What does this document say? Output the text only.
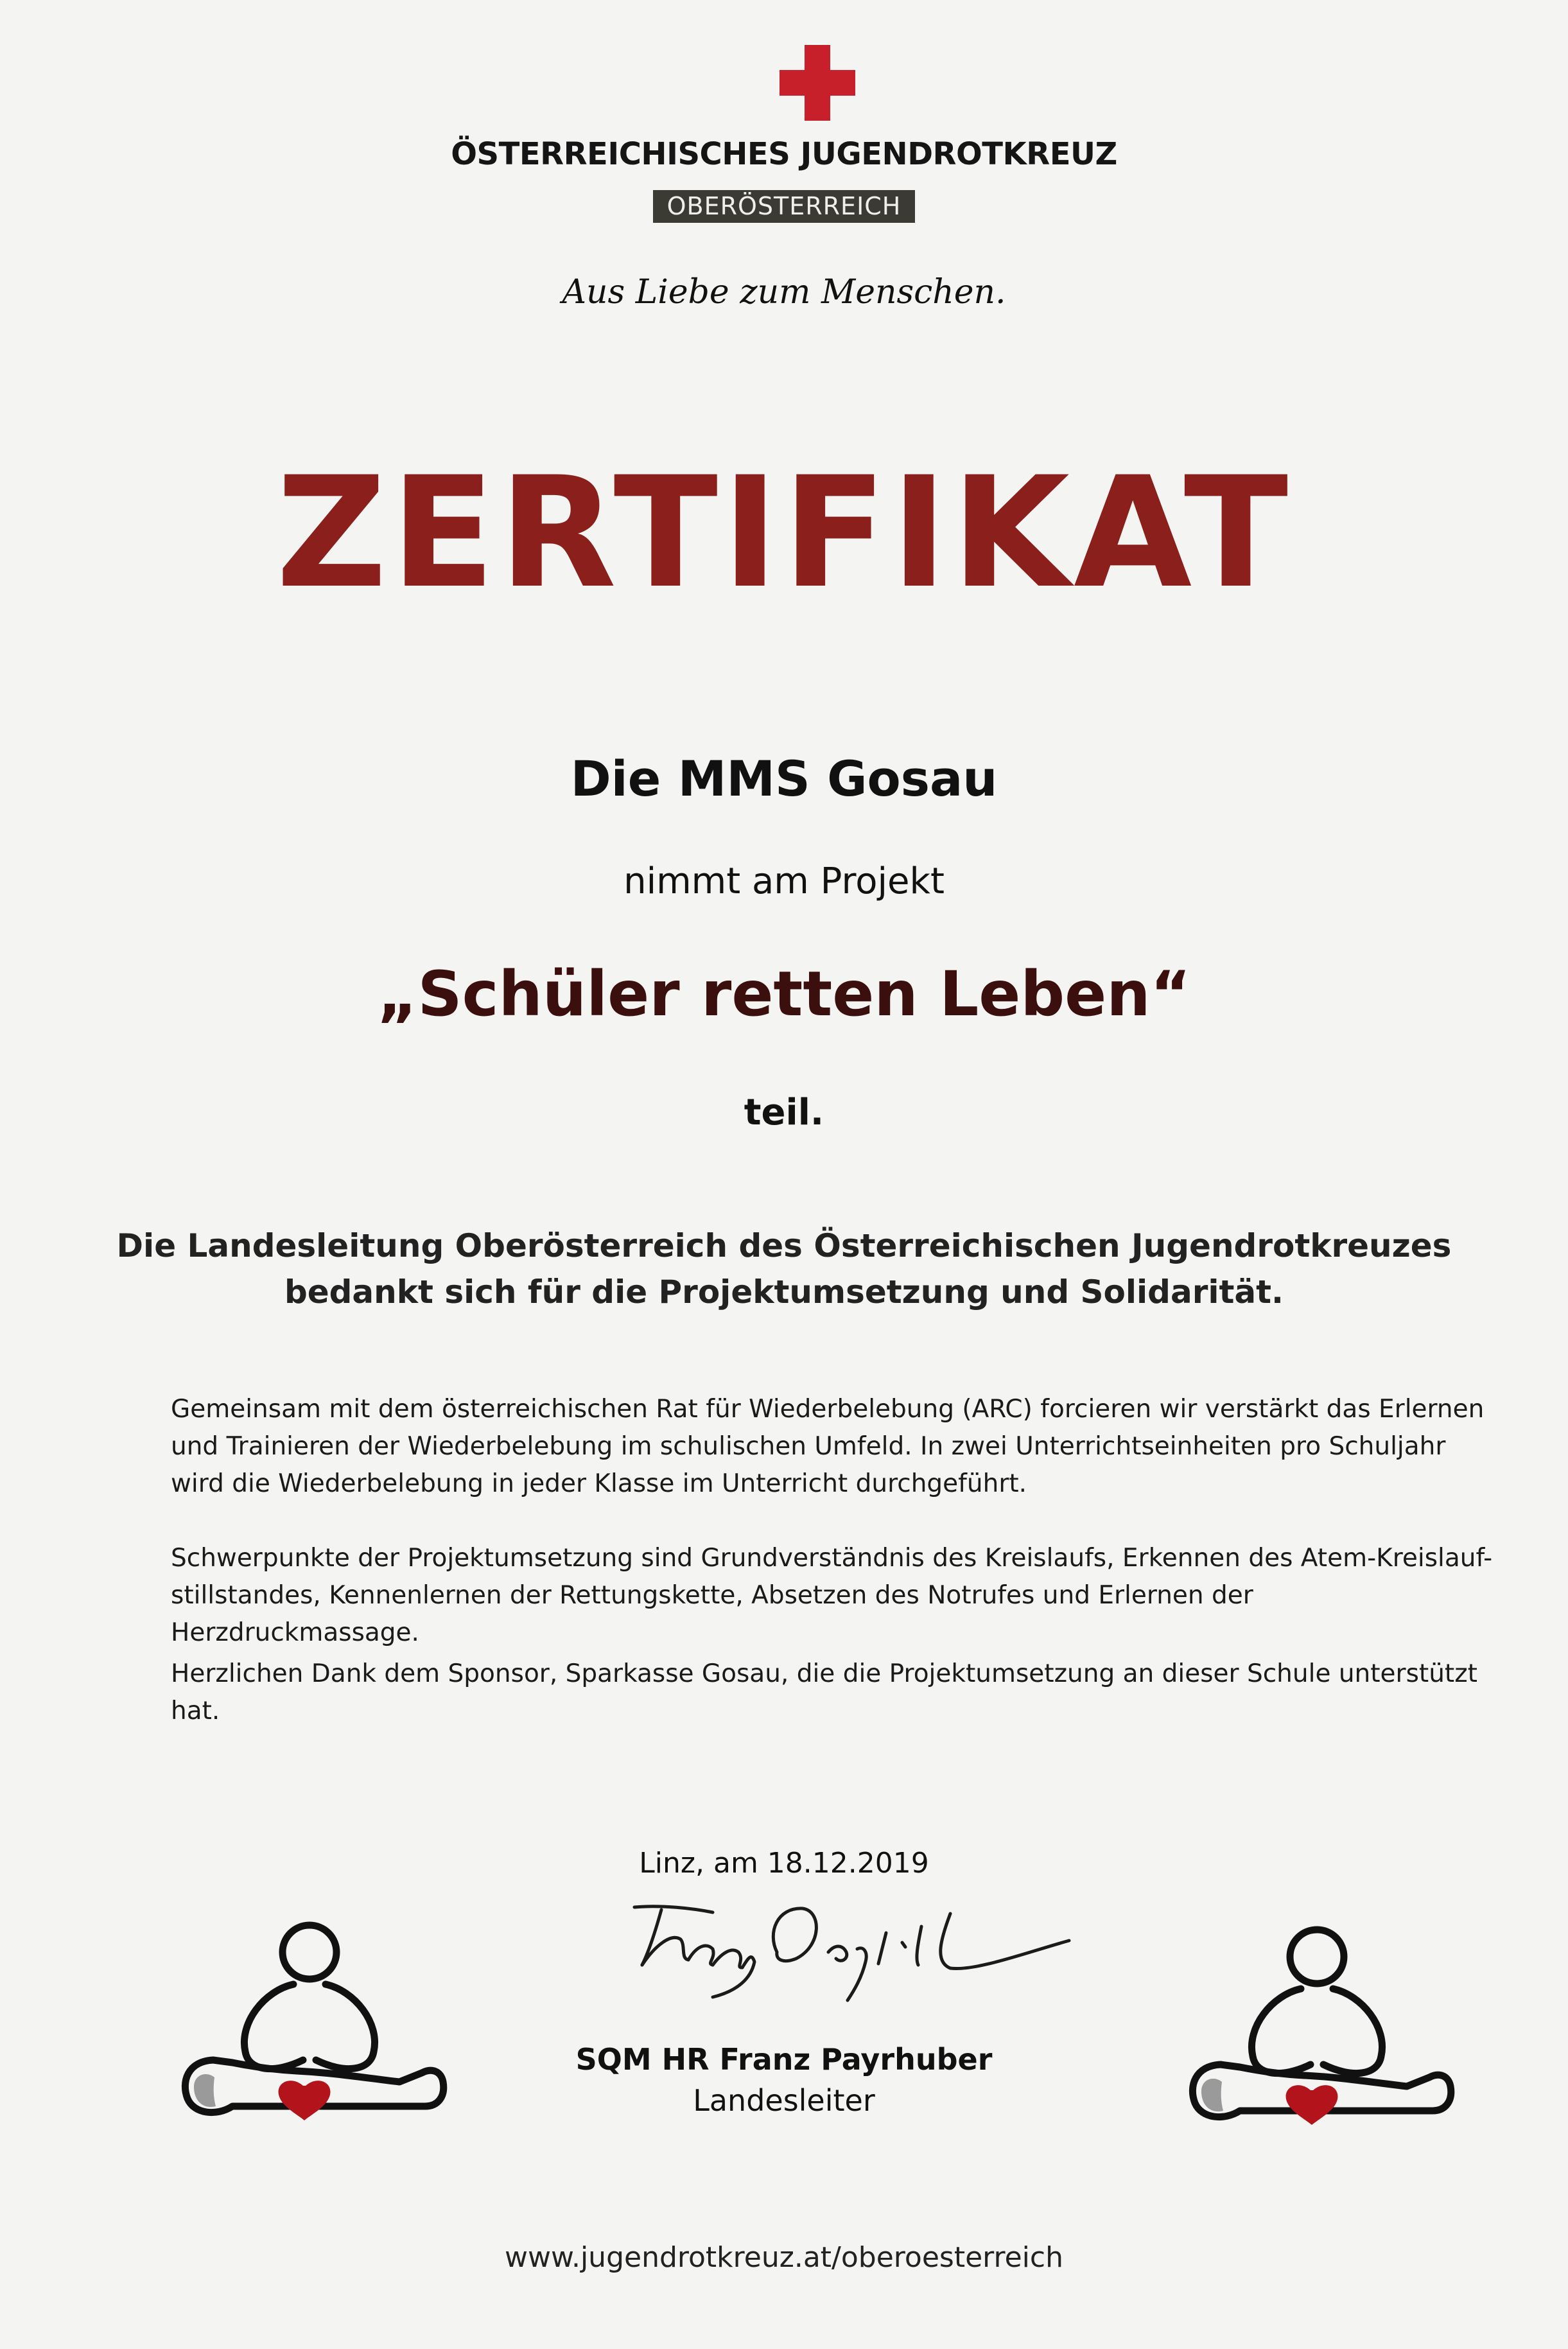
ÖSTERREICHISCHES JUGENDROTKREUZ
OBERÖSTERREICH
Aus Liebe zum Menschen.
ZERTIFIKAT
Die MMS Gosau
nimmt am Projekt
„Schüler retten Leben“
teil.
Die Landesleitung Oberösterreich des Österreichischen Jugendrotkreuzes
bedankt sich für die Projektumsetzung und Solidarität.
Gemeinsam mit dem österreichischen Rat für Wiederbelebung (ARC) forcieren wir verstärkt das Erlernen und Trainieren der Wiederbelebung im schulischen Umfeld. In zwei Unterrichtseinheiten pro Schuljahr wird die Wiederbelebung in jeder Klasse im Unterricht durchgeführt.
Schwerpunkte der Projektumsetzung sind Grundverständnis des Kreislaufs, Erkennen des Atem-Kreislauf-stillstandes, Kennenlernen der Rettungskette, Absetzen des Notrufes und Erlernen der Herzdruckmassage.
Herzlichen Dank dem Sponsor, Sparkasse Gosau, die die Projektumsetzung an dieser Schule unterstützt hat.
Linz, am 18.12.2019
SQM HR Franz Payrhuber
Landesleiter
www.jugendrotkreuz.at/oberoesterreich
